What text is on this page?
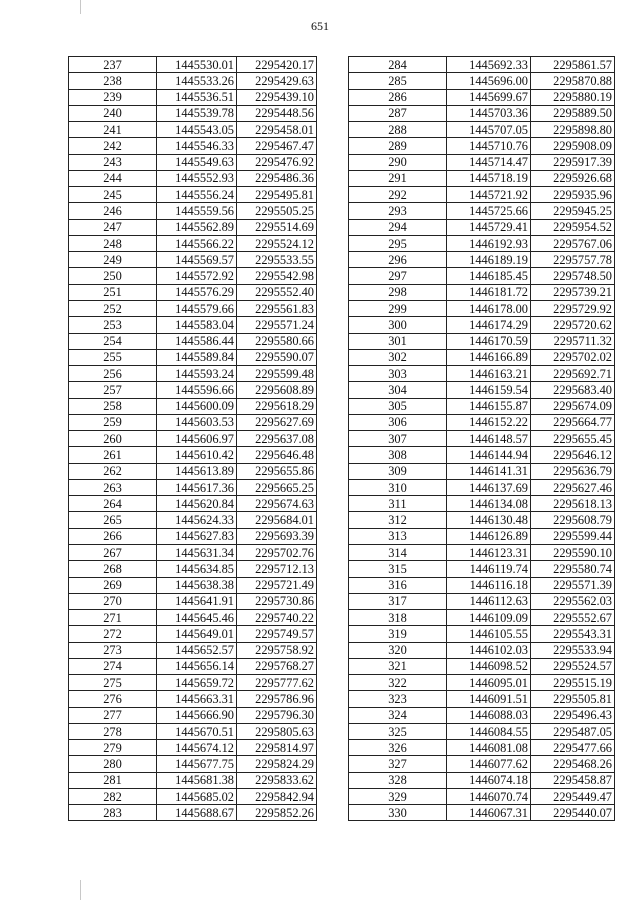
651
237	1445530.01	2295420.17
238	1445533.26	2295429.63
239	1445536.51	2295439.10
240	1445539.78	2295448.56
241	1445543.05	2295458.01
242	1445546.33	2295467.47
243	1445549.63	2295476.92
244	1445552.93	2295486.36
245	1445556.24	2295495.81
246	1445559.56	2295505.25
247	1445562.89	2295514.69
248	1445566.22	2295524.12
249	1445569.57	2295533.55
250	1445572.92	2295542.98
251	1445576.29	2295552.40
252	1445579.66	2295561.83
253	1445583.04	2295571.24
254	1445586.44	2295580.66
255	1445589.84	2295590.07
256	1445593.24	2295599.48
257	1445596.66	2295608.89
258	1445600.09	2295618.29
259	1445603.53	2295627.69
260	1445606.97	2295637.08
261	1445610.42	2295646.48
262	1445613.89	2295655.86
263	1445617.36	2295665.25
264	1445620.84	2295674.63
265	1445624.33	2295684.01
266	1445627.83	2295693.39
267	1445631.34	2295702.76
268	1445634.85	2295712.13
269	1445638.38	2295721.49
270	1445641.91	2295730.86
271	1445645.46	2295740.22
272	1445649.01	2295749.57
273	1445652.57	2295758.92
274	1445656.14	2295768.27
275	1445659.72	2295777.62
276	1445663.31	2295786.96
277	1445666.90	2295796.30
278	1445670.51	2295805.63
279	1445674.12	2295814.97
280	1445677.75	2295824.29
281	1445681.38	2295833.62
282	1445685.02	2295842.94
283	1445688.67	2295852.26
284	1445692.33	2295861.57
285	1445696.00	2295870.88
286	1445699.67	2295880.19
287	1445703.36	2295889.50
288	1445707.05	2295898.80
289	1445710.76	2295908.09
290	1445714.47	2295917.39
291	1445718.19	2295926.68
292	1445721.92	2295935.96
293	1445725.66	2295945.25
294	1445729.41	2295954.52
295	1446192.93	2295767.06
296	1446189.19	2295757.78
297	1446185.45	2295748.50
298	1446181.72	2295739.21
299	1446178.00	2295729.92
300	1446174.29	2295720.62
301	1446170.59	2295711.32
302	1446166.89	2295702.02
303	1446163.21	2295692.71
304	1446159.54	2295683.40
305	1446155.87	2295674.09
306	1446152.22	2295664.77
307	1446148.57	2295655.45
308	1446144.94	2295646.12
309	1446141.31	2295636.79
310	1446137.69	2295627.46
311	1446134.08	2295618.13
312	1446130.48	2295608.79
313	1446126.89	2295599.44
314	1446123.31	2295590.10
315	1446119.74	2295580.74
316	1446116.18	2295571.39
317	1446112.63	2295562.03
318	1446109.09	2295552.67
319	1446105.55	2295543.31
320	1446102.03	2295533.94
321	1446098.52	2295524.57
322	1446095.01	2295515.19
323	1446091.51	2295505.81
324	1446088.03	2295496.43
325	1446084.55	2295487.05
326	1446081.08	2295477.66
327	1446077.62	2295468.26
328	1446074.18	2295458.87
329	1446070.74	2295449.47
330	1446067.31	2295440.07
